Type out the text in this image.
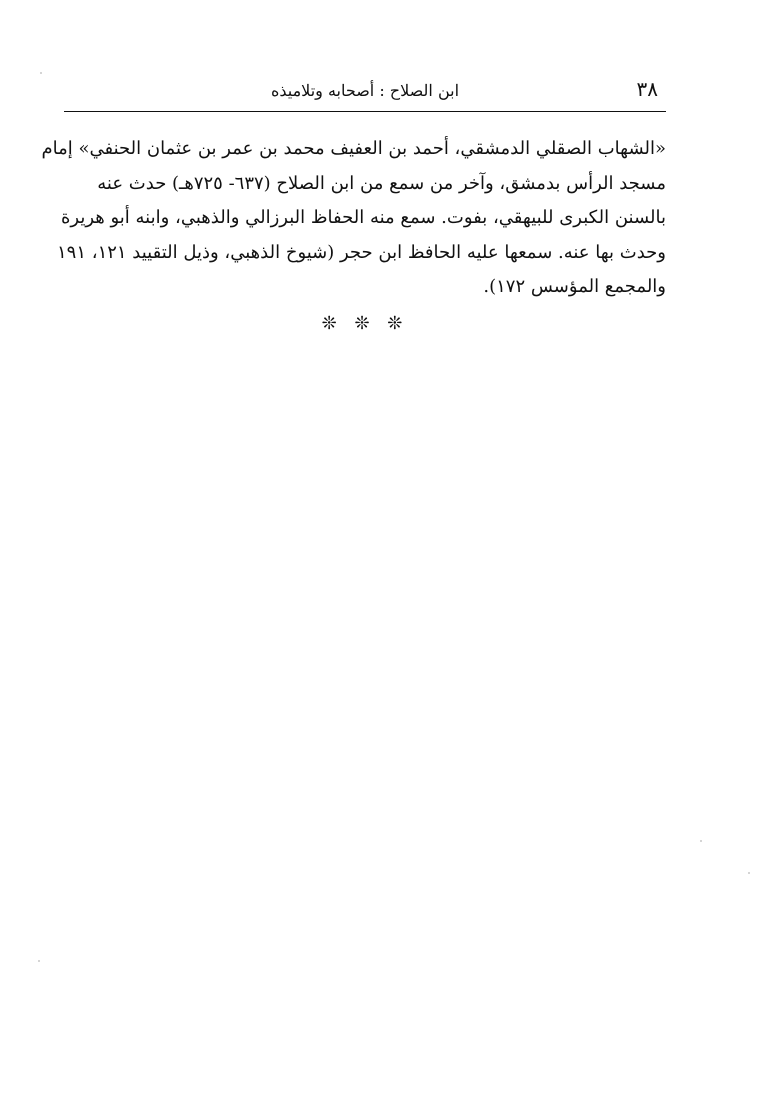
٣٨
ابن الصلاح : أصحابه وتلاميذه
«الشهاب الصقلي الدمشقي، أحمد بن العفيف محمد بن عمر بن عثمان الحنفي» إمام
مسجد الرأس بدمشق، وآخر من سمع من ابن الصلاح (٦٣٧- ٧٢٥هـ) حدث عنه
بالسنن الكبرى للبيهقي، بفوت. سمع منه الحفاظ البرزالي والذهبي، وابنه أبو هريرة
وحدث بها عنه. سمعها عليه الحافظ ابن حجر (شيوخ الذهبي، وذيل التقييد ١٢١، ١٩١
والمجمع المؤسس ١٧٢).
❊ ❊ ❊
